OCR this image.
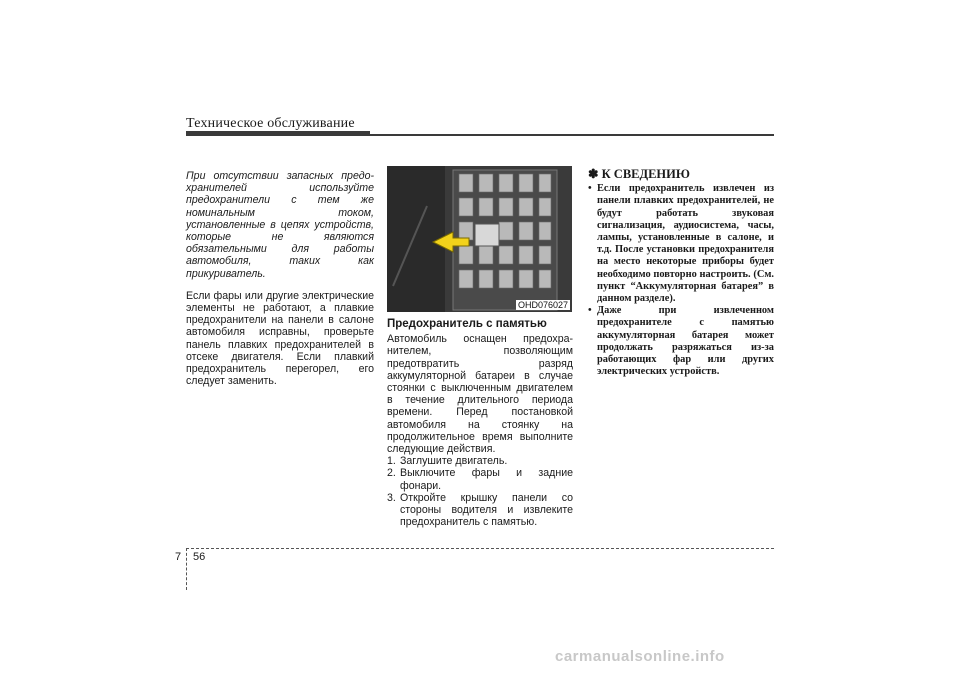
Техническое обслуживание

При отсутствии запасных предо-хранителей используйте предохранители с тем же номинальным током, установленные в цепях устройств, которые не являются обязательными для работы автомобиля, таких как прикуриватель.

Если фары или другие электрические элементы не работают, а плавкие предохранители на панели в салоне автомобиля исправны, проверьте панель плавких предохранителей в отсеке двигателя. Если плавкий предохранитель перегорел, его следует заменить.

OHD076027
Предохранитель с памятью

Автомобиль оснащен предохра-нителем, позволяющим предотвратить разряд аккумуляторной батареи в случае стоянки с выключенным двигателем в течение длительного периода времени. Перед постановкой автомобиля на стоянку на продолжительное время выполните следующие действия.

1. Заглушите двигатель.
2. Выключите фары и задние фонари.
3. Откройте крышку панели со стороны водителя и извлеките предохранитель с памятью.
✽ К СВЕДЕНИЮ
• Если предохранитель извлечен из панели плавких предохранителей, не будут работать звуковая сигнализация, аудиосистема, часы, лампы, установленные в салоне, и т.д. После установки предохранителя на место некоторые приборы будет необходимо повторно настроить. (См. пункт “Аккумуляторная батарея” в данном разделе).
• Даже при извлеченном предохранителе с памятью аккумуляторная батарея может продолжать разряжаться из-за работающих фар или других электрических устройств.
7 56
carmanualsonline.info
